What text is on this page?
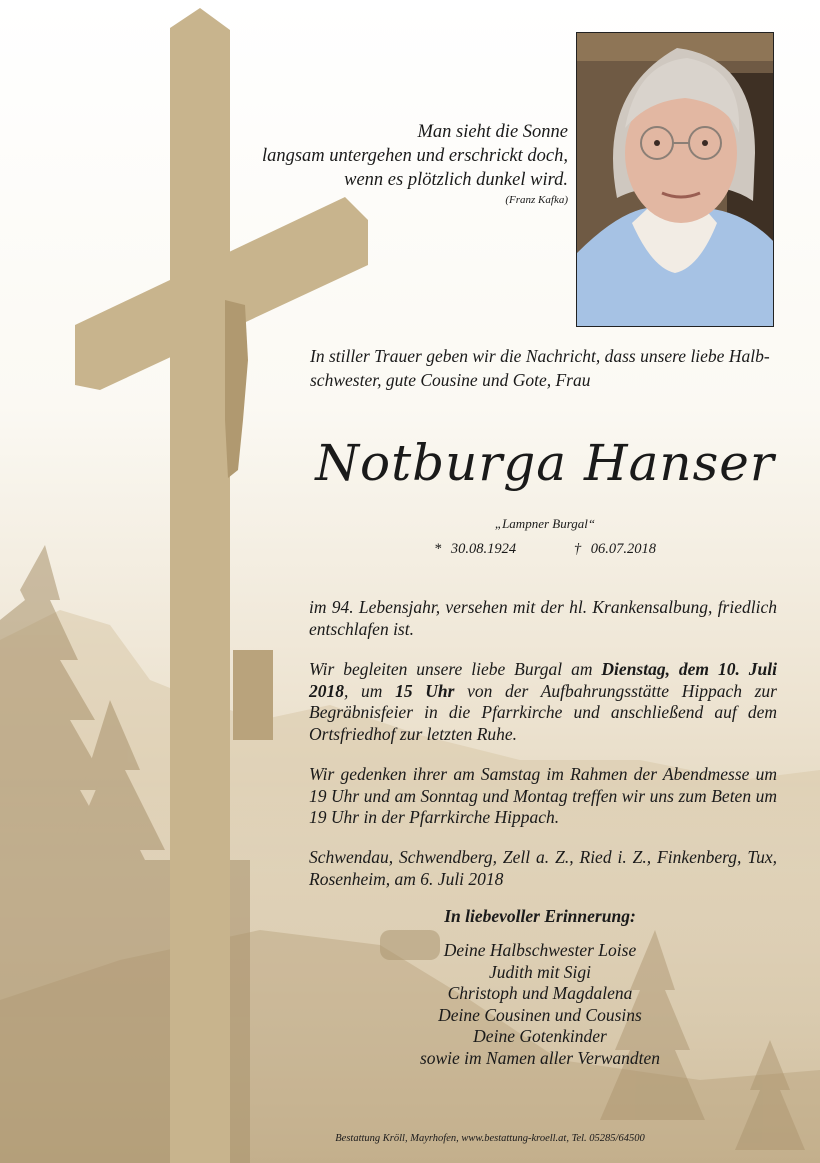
Man sieht die Sonne
langsam untergehen und erschrickt doch,
wenn es plötzlich dunkel wird.
(Franz Kafka)
In stiller Trauer geben wir die Nachricht, dass unsere liebe Halb-
schwester, gute Cousine und Gote, Frau
Notburga Hanser
„Lampner Burgal“
* 30.08.1924	† 06.07.2018
im 94. Lebensjahr, versehen mit der hl. Krankensalbung, friedlich entschlafen ist.
Wir begleiten unsere liebe Burgal am Dienstag, dem 10. Juli 2018, um 15 Uhr von der Aufbahrungsstätte Hippach zur Begräbnisfeier in die Pfarrkirche und anschließend auf dem Ortsfriedhof zur letzten Ruhe.
Wir gedenken ihrer am Samstag im Rahmen der Abendmesse um 19 Uhr und am Sonntag und Montag treffen wir uns zum Beten um 19 Uhr in der Pfarrkirche Hippach.
Schwendau, Schwendberg, Zell a. Z., Ried i. Z., Finkenberg, Tux, Rosenheim, am 6. Juli 2018
In liebevoller Erinnerung:
Deine Halbschwester Loise
Judith mit Sigi
Christoph und Magdalena
Deine Cousinen und Cousins
Deine Gotenkinder
sowie im Namen aller Verwandten
Bestattung Kröll, Mayrhofen, www.bestattung-kroell.at, Tel. 05285/64500
